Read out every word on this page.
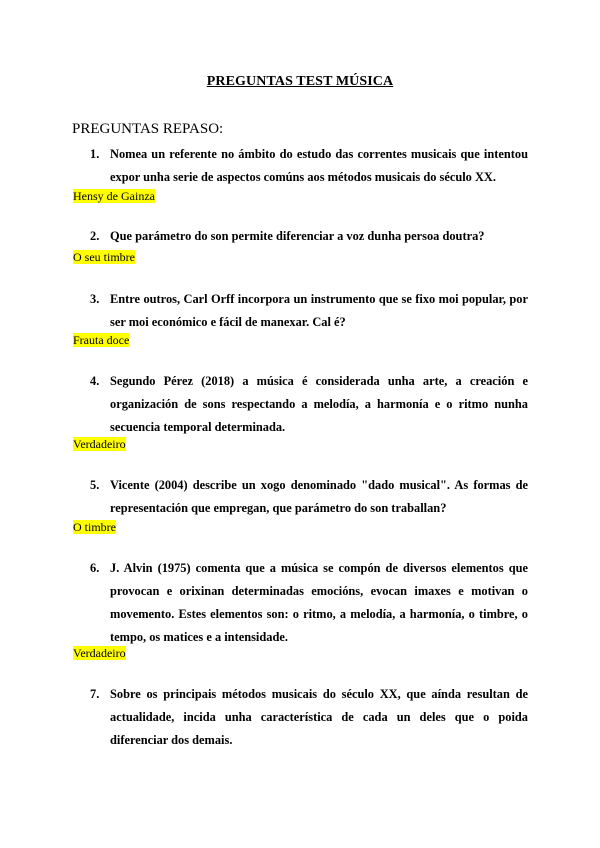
PREGUNTAS TEST MÚSICA
PREGUNTAS REPASO:
1. Nomea un referente no ámbito do estudo das correntes musicais que intentou expor unha serie de aspectos comúns aos métodos musicais do século XX.
Hensy de Gainza
2. Que parámetro do son permite diferenciar a voz dunha persoa doutra?
O seu timbre
3. Entre outros, Carl Orff incorpora un instrumento que se fixo moi popular, por ser moi económico e fácil de manexar. Cal é?
Frauta doce
4. Segundo Pérez (2018) a música é considerada unha arte, a creación e organización de sons respectando a melodía, a harmonía e o ritmo nunha secuencia temporal determinada.
Verdadeiro
5. Vicente (2004) describe un xogo denominado "dado musical". As formas de representación que empregan, que parámetro do son traballan?
O timbre
6. J. Alvin (1975) comenta que a música se compón de diversos elementos que provocan e orixinan determinadas emocións, evocan imaxes e motivan o movemento. Estes elementos son: o ritmo, a melodía, a harmonía, o timbre, o tempo, os matices e a intensidade.
Verdadeiro
7. Sobre os principais métodos musicais do século XX, que aínda resultan de actualidade, incida unha característica de cada un deles que o poida diferenciar dos demais.
